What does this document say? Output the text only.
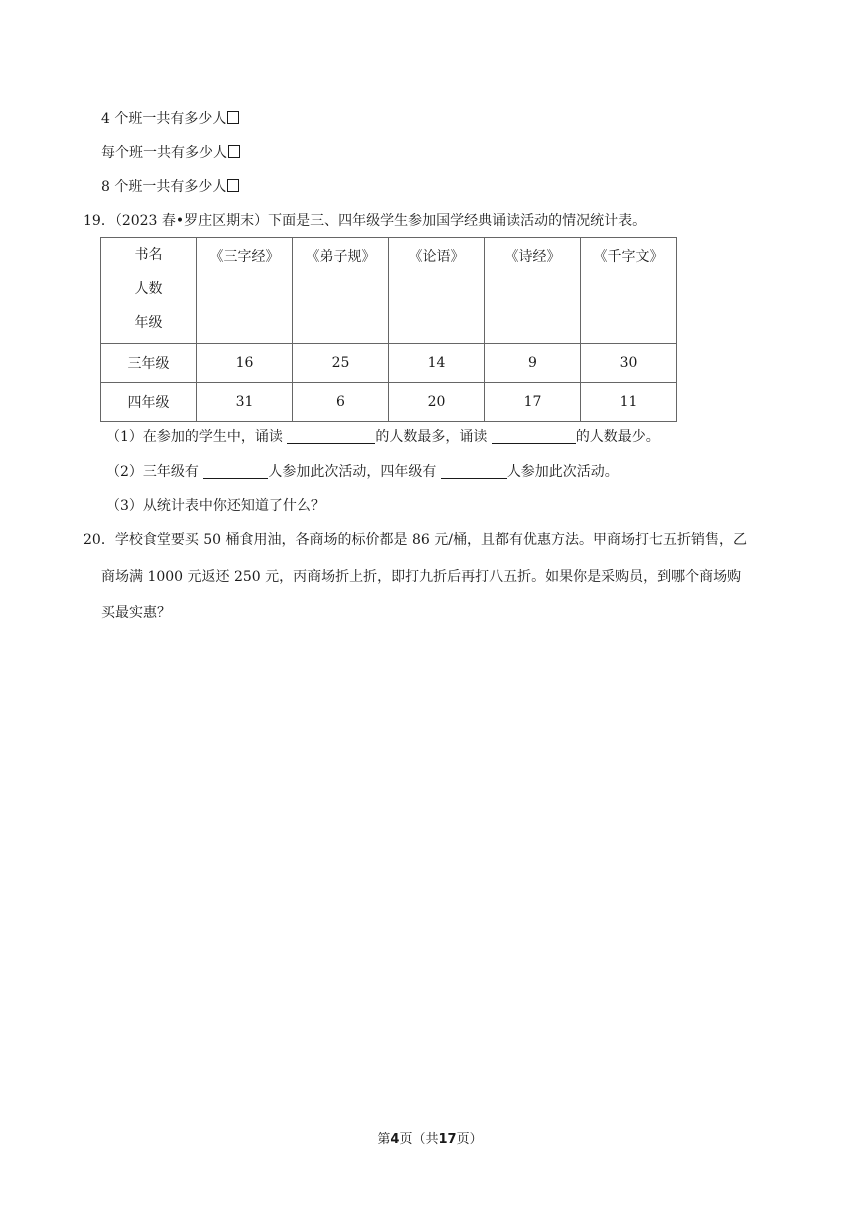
4 个班一共有多少人
每个班一共有多少人
8 个班一共有多少人
19．（2023 春•罗庄区期末）下面是三、四年级学生参加国学经典诵读活动的情况统计表。
书名
人数
年级	《三字经》	《弟子规》	《论语》	《诗经》	《千字文》
三年级	16	25	14	9	30
四年级	31	6	20	17	11
（1）在参加的学生中，诵读	的人数最多，诵读	的人数最少。
（2）三年级有	人参加此次活动，四年级有	人参加此次活动。
（3）从统计表中你还知道了什么？
20．学校食堂要买 50 桶食用油，各商场的标价都是 86 元/桶，且都有优惠方法。甲商场打七五折销售，乙
商场满 1000 元返还 250 元，丙商场折上折，即打九折后再打八五折。如果你是采购员，到哪个商场购
买最实惠？
第4页（共17页）
